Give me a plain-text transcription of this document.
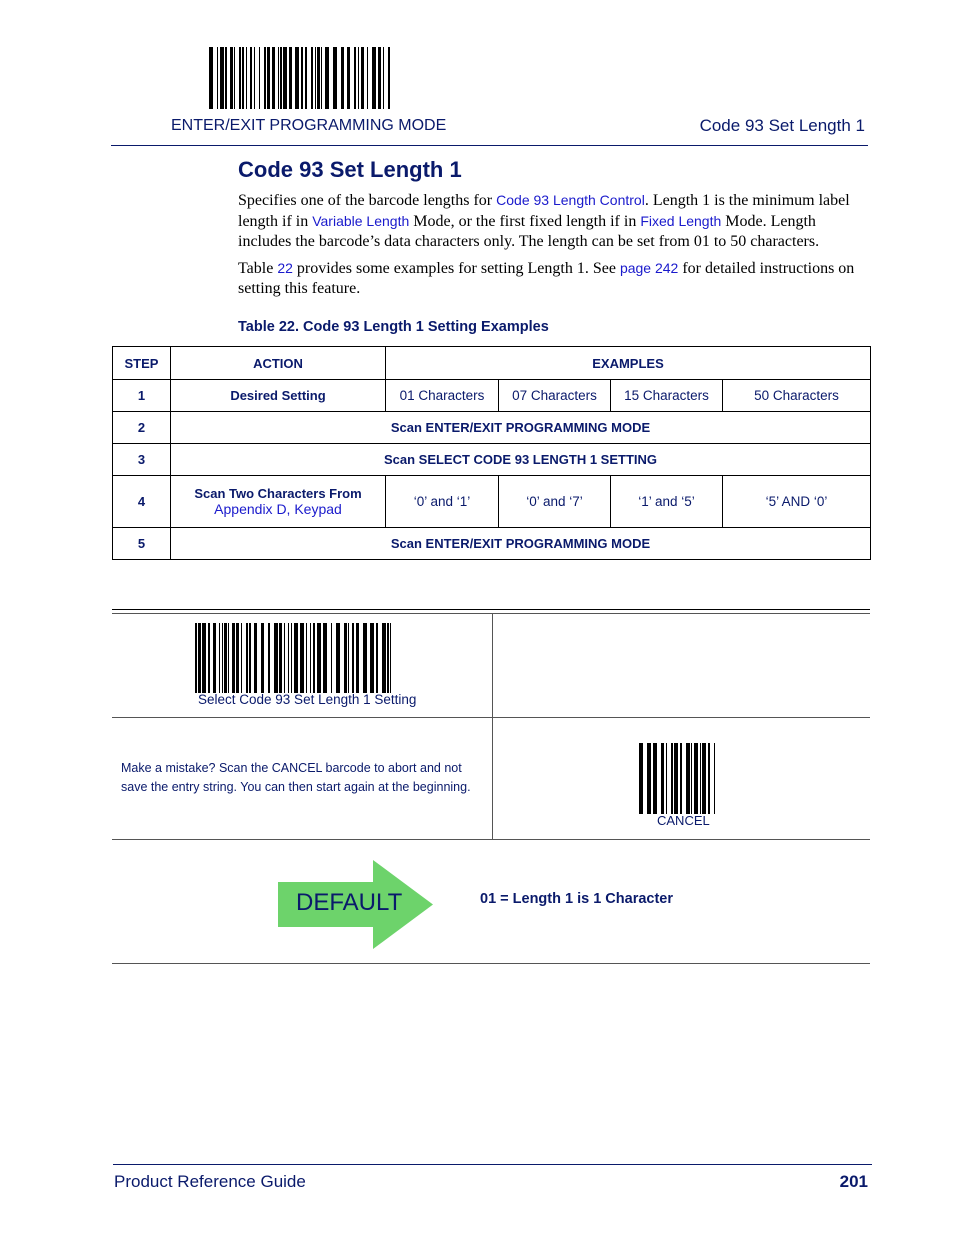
ENTER/EXIT PROGRAMMING MODE	Code 93 Set Length 1
Code 93 Set Length 1
Specifies one of the barcode lengths for Code 93 Length Control. Length 1 is the minimum label length if in Variable Length Mode, or the first fixed length if in Fixed Length Mode. Length includes the barcode’s data characters only. The length can be set from 01 to 50 characters.
Table 22 provides some examples for setting Length 1. See page 242 for detailed instructions on setting this feature.
Table 22. Code 93 Length 1 Setting Examples
STEP	ACTION	EXAMPLES			
1	Desired Setting	01 Characters	07 Characters	15 Characters	50 Characters
2	Scan ENTER/EXIT PROGRAMMING MODE				
3	Scan SELECT CODE 93 LENGTH 1 SETTING				
4	Scan Two Characters From
Appendix D, Keypad	‘0’ and ‘1’	‘0’ and ‘7’	‘1’ and ‘5’	‘5’ AND ‘0’
5	Scan ENTER/EXIT PROGRAMMING MODE				
Select Code 93 Set Length 1 Setting
Make a mistake? Scan the CANCEL barcode to abort and not save the entry string. You can then start again at the beginning.
CANCEL
DEFAULT	01 = Length 1 is 1 Character
Product Reference Guide	201
